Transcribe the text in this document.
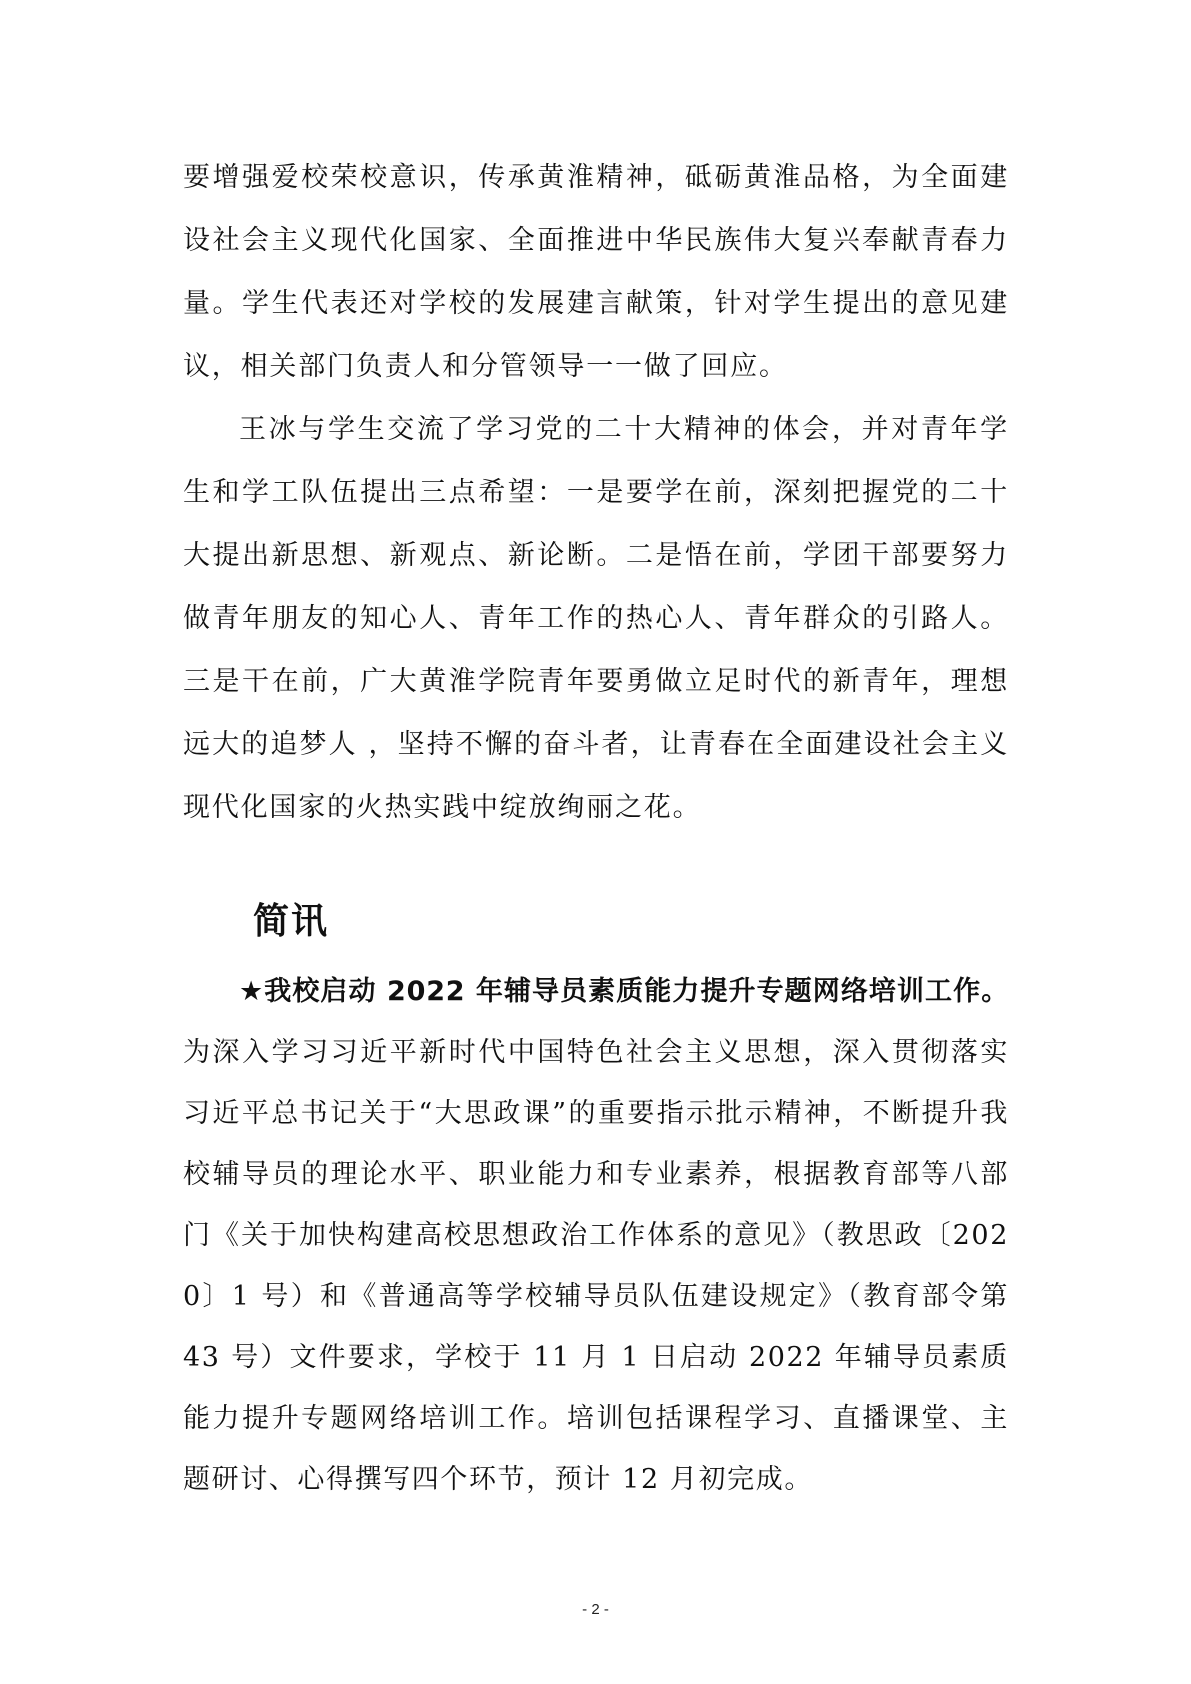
要增强爱校荣校意识，传承黄淮精神，砥砺黄淮品格，为全面建设社会主义现代化国家、全面推进中华民族伟大复兴奉献青春力量。学生代表还对学校的发展建言献策，针对学生提出的意见建议，相关部门负责人和分管领导一一做了回应。

王冰与学生交流了学习党的二十大精神的体会，并对青年学生和学工队伍提出三点希望：一是要学在前，深刻把握党的二十大提出新思想、新观点、新论断。二是悟在前，学团干部要努力做青年朋友的知心人、青年工作的热心人、青年群众的引路人。三是干在前，广大黄淮学院青年要勇做立足时代的新青年，理想远大的追梦人 ，坚持不懈的奋斗者，让青春在全面建设社会主义现代化国家的火热实践中绽放绚丽之花。

简讯

★我校启动 2022 年辅导员素质能力提升专题网络培训工作。为深入学习习近平新时代中国特色社会主义思想，深入贯彻落实习近平总书记关于“大思政课”的重要指示批示精神，不断提升我校辅导员的理论水平、职业能力和专业素养，根据教育部等八部门《关于加快构建高校思想政治工作体系的意见》（教思政〔2020〕1 号）和《普通高等学校辅导员队伍建设规定》（教育部令第 43 号）文件要求，学校于 11 月 1 日启动 2022 年辅导员素质能力提升专题网络培训工作。培训包括课程学习、直播课堂、主题研讨、心得撰写四个环节，预计 12 月初完成。

- 2 -
